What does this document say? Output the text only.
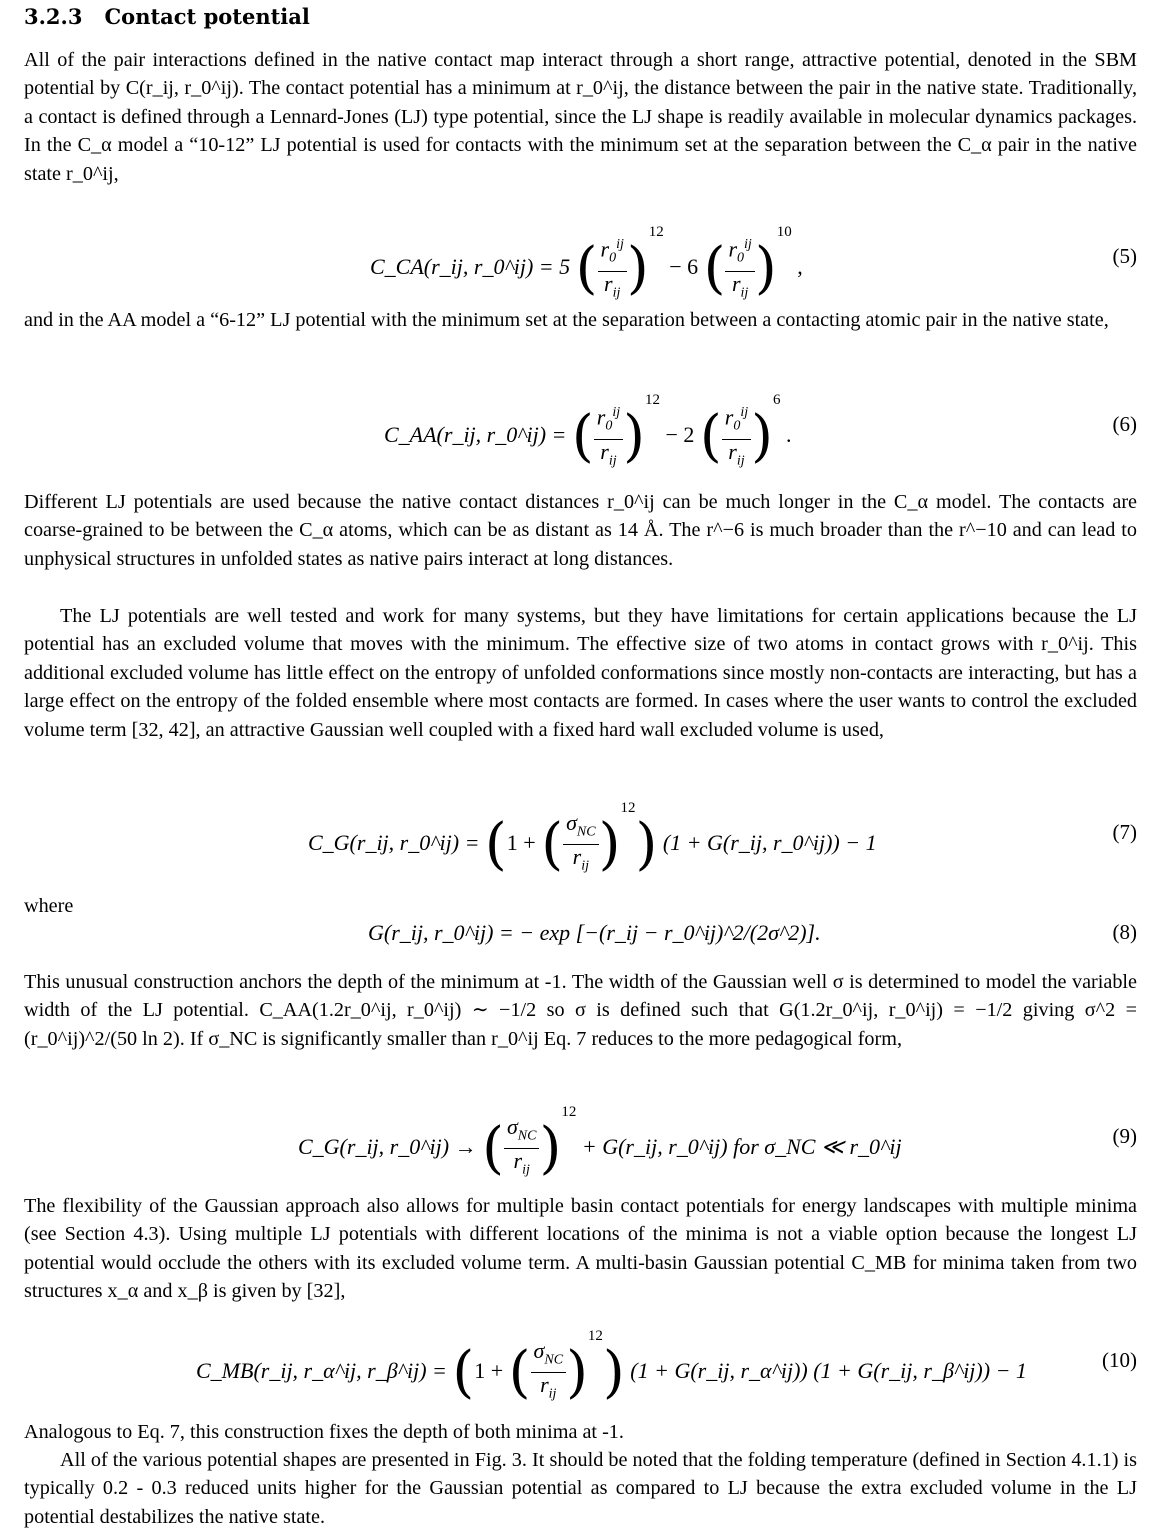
3.2.3 Contact potential
All of the pair interactions defined in the native contact map interact through a short range, attractive potential, denoted in the SBM potential by C(r_ij, r_0^ij). The contact potential has a minimum at r_0^ij, the distance between the pair in the native state. Traditionally, a contact is defined through a Lennard-Jones (LJ) type potential, since the LJ shape is readily available in molecular dynamics packages. In the C_α model a “10-12” LJ potential is used for contacts with the minimum set at the separation between the C_α pair in the native state r_0^ij,
C_CA(r_ij, r_0^ij) = 5 ( $\frac{r_0^{ij}}{r_{ij}} )^{12} - 6$ ( $\frac{r_0^{ij}}{r_{ij}} )^{10}$ ,	(5)
and in the AA model a “6-12” LJ potential with the minimum set at the separation between a contacting atomic pair in the native state,
C_AA(r_ij, r_0^ij) = ( $\frac{r_0^{ij}}{r_{ij}} )^{12} - 2$ ( $\frac{r_0^{ij}}{r_{ij}} )^6$ .	(6)
Different LJ potentials are used because the native contact distances r_0^ij can be much longer in the C_α model. The contacts are coarse-grained to be between the C_α atoms, which can be as distant as 14 Å. The r^−6 is much broader than the r^−10 and can lead to unphysical structures in unfolded states as native pairs interact at long distances.
The LJ potentials are well tested and work for many systems, but they have limitations for certain applications because the LJ potential has an excluded volume that moves with the minimum. The effective size of two atoms in contact grows with r_0^ij. This additional excluded volume has little effect on the entropy of unfolded conformations since mostly non-contacts are interacting, but has a large effect on the entropy of the folded ensemble where most contacts are formed. In cases where the user wants to control the excluded volume term [32, 42], an attractive Gaussian well coupled with a fixed hard wall excluded volume is used,
C_G(r_ij, r_0^ij) = (1 + ( $\frac{\sigma_{NC}}{r_{ij}} )^{12}$) (1 + G(r_ij, r_0^ij)) − 1	(7)
where
G(r_ij, r_0^ij) = − exp [−(r_ij − r_0^ij)^2/(2σ^2)].	(8)
This unusual construction anchors the depth of the minimum at -1. The width of the Gaussian well σ is determined to model the variable width of the LJ potential. C_AA(1.2r_0^ij, r_0^ij) ∼ −1/2 so σ is defined such that G(1.2r_0^ij, r_0^ij) = −1/2 giving σ^2 = (r_0^ij)^2/(50 ln 2). If σ_NC is significantly smaller than r_0^ij Eq. 7 reduces to the more pedagogical form,
C_G(r_ij, r_0^ij) → ( $\frac{\sigma_{NC}}{r_{ij}} )^{12}$ + G(r_ij, r_0^ij) for σ_NC ≪ r_0^ij	(9)
The flexibility of the Gaussian approach also allows for multiple basin contact potentials for energy landscapes with multiple minima (see Section 4.3). Using multiple LJ potentials with different locations of the minima is not a viable option because the longest LJ potential would occlude the others with its excluded volume term. A multi-basin Gaussian potential C_MB for minima taken from two structures x_α and x_β is given by [32],
C_MB(r_ij, r_α^ij, r_β^ij) = (1 + ( $\frac{\sigma_{NC}}{r_{ij}} )^{12}$) (1 + G(r_ij, r_α^ij)) (1 + G(r_ij, r_β^ij)) − 1	(10)
Analogous to Eq. 7, this construction fixes the depth of both minima at -1.
All of the various potential shapes are presented in Fig. 3. It should be noted that the folding temperature (defined in Section 4.1.1) is typically 0.2 - 0.3 reduced units higher for the Gaussian potential as compared to LJ because the extra excluded volume in the LJ potential destabilizes the native state.
